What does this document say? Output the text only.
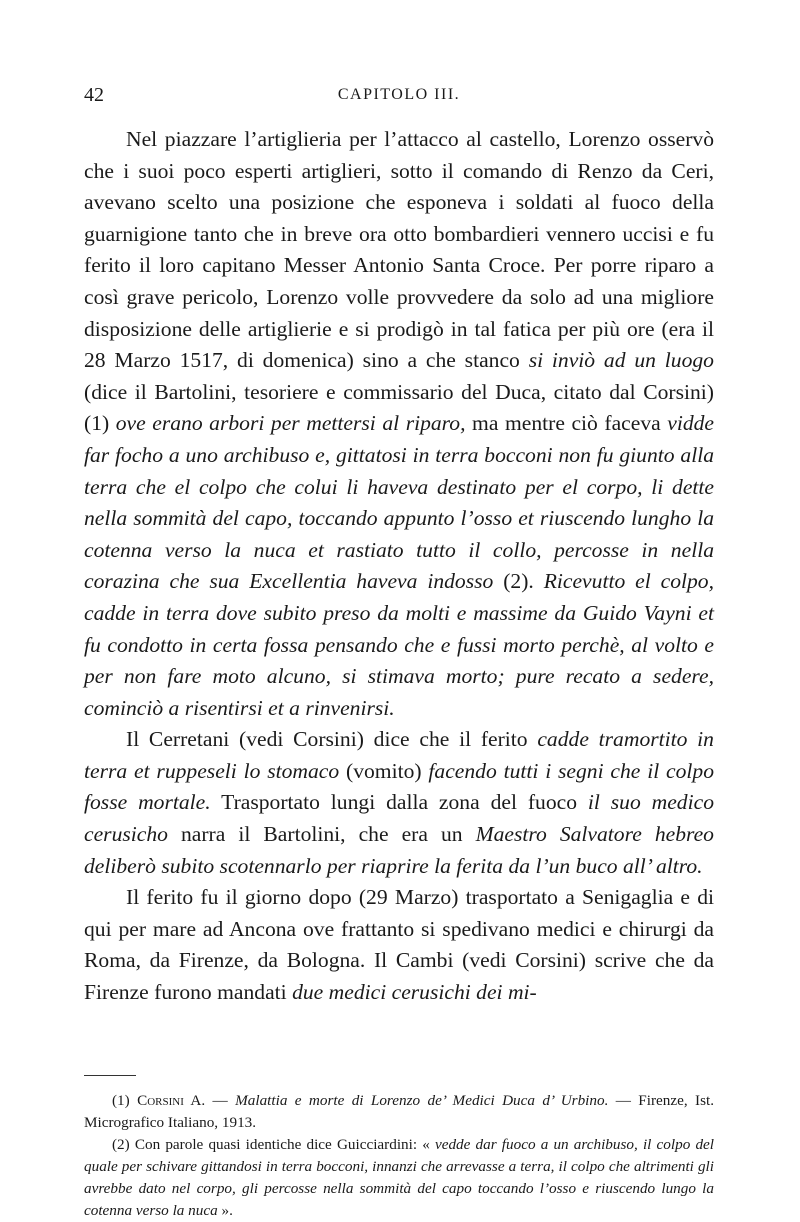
42	CAPITOLO III.

Nel piazzare l’artiglieria per l’attacco al castello, Lorenzo osservò che i suoi poco esperti artiglieri, sotto il comando di Renzo da Ceri, avevano scelto una posizione che esponeva i soldati al fuoco della guarnigione tanto che in breve ora otto bombardieri vennero uccisi e fu ferito il loro capitano Messer Antonio Santa Croce. Per porre riparo a così grave pericolo, Lorenzo volle provvedere da solo ad una migliore disposizione delle artiglierie e si prodigò in tal fatica per più ore (era il 28 Marzo 1517, di domenica) sino a che stanco si inviò ad un luogo (dice il Bartolini, tesoriere e commissario del Duca, citato dal Corsini) (1) ove erano arbori per mettersi al riparo, ma mentre ciò faceva vidde far focho a uno archibuso e, gittatosi in terra bocconi non fu giunto alla terra che el colpo che colui li haveva destinato per el corpo, li dette nella sommità del capo, toccando appunto l’osso et riuscendo lungho la cotenna verso la nuca et rastiato tutto il collo, percosse in nella corazina che sua Excellentia haveva indosso (2). Ricevutto el colpo, cadde in terra dove subito preso da molti e massime da Guido Vayni et fu condotto in certa fossa pensando che e fussi morto perchè, al volto e per non fare moto alcuno, si stimava morto; pure recato a sedere, cominciò a risentirsi et a rinvenirsi.

Il Cerretani (vedi Corsini) dice che il ferito cadde tramortito in terra et ruppeseli lo stomaco (vomito) facendo tutti i segni che il colpo fosse mortale. Trasportato lungi dalla zona del fuoco il suo medico cerusicho narra il Bartolini, che era un Maestro Salvatore hebreo deliberò subito scotennarlo per riaprire la ferita da l’un buco all’ altro.

Il ferito fu il giorno dopo (29 Marzo) trasportato a Senigaglia e di qui per mare ad Ancona ove frattanto si spedivano medici e chirurgi da Roma, da Firenze, da Bologna. Il Cambi (vedi Corsini) scrive che da Firenze furono mandati due medici cerusichi dei mi-

(1) Corsini A. — Malattia e morte di Lorenzo de’ Medici Duca d’ Urbino. — Firenze, Ist. Micrografico Italiano, 1913.

(2) Con parole quasi identiche dice Guicciardini: « vedde dar fuoco a un archibuso, il colpo del quale per schivare gittandosi in terra bocconi, innanzi che arrevasse a terra, il colpo che altrimenti gli avrebbe dato nel corpo, gli percosse nella sommità del capo toccando l’osso e riuscendo lungo la cotenna verso la nuca ».
